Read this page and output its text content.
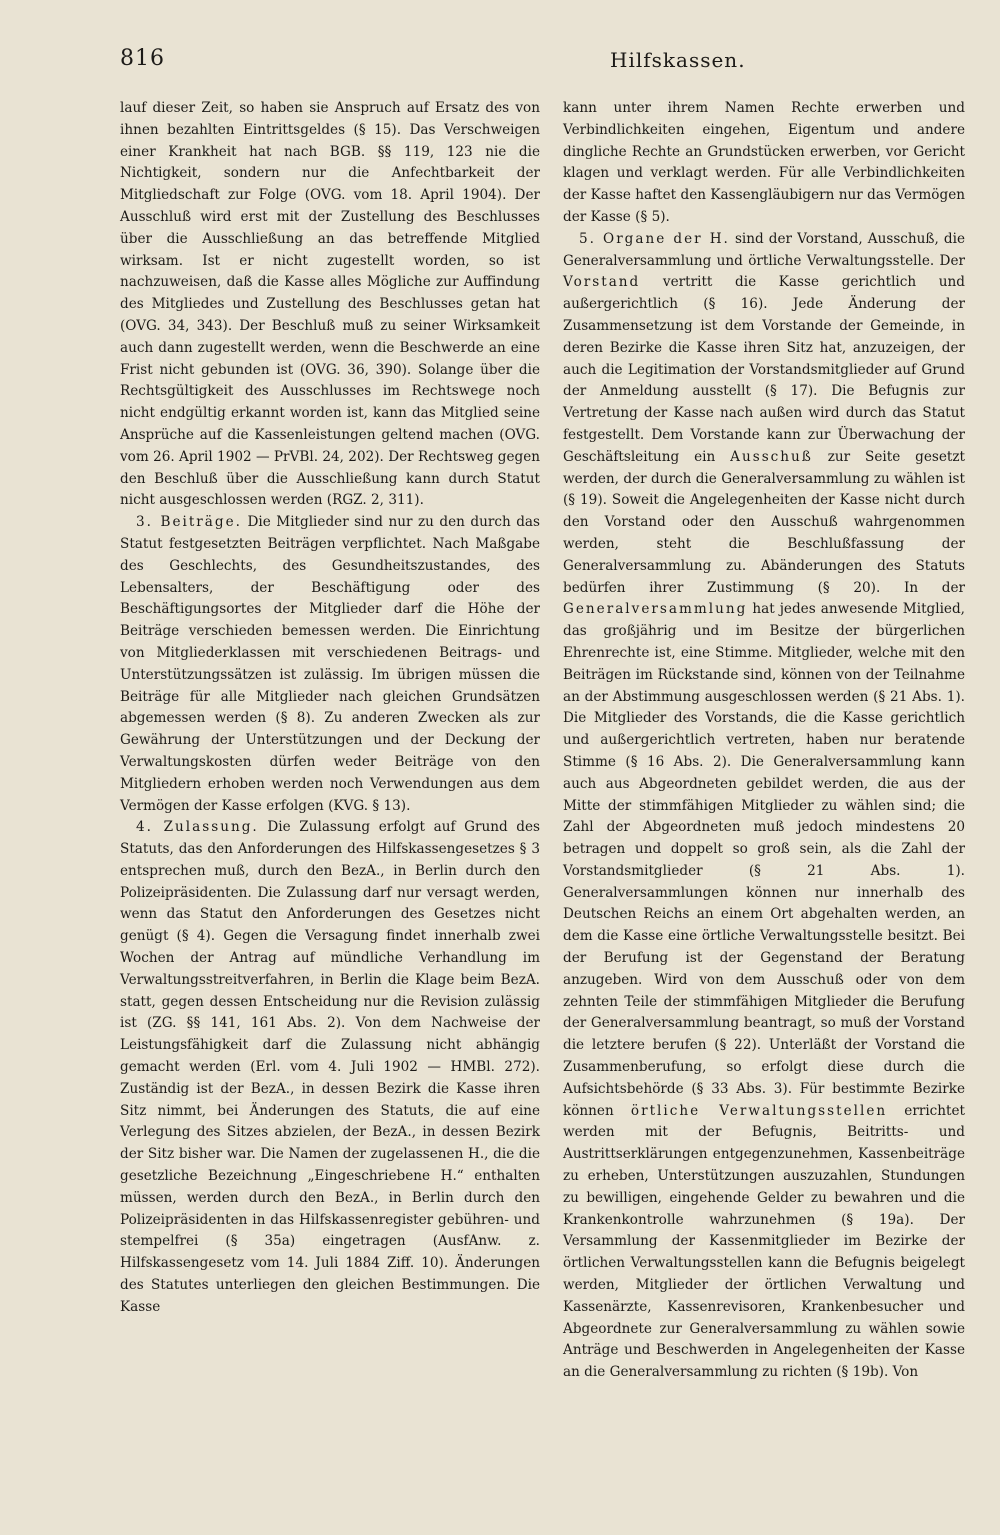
816	Hilfskassen.

lauf dieser Zeit, so haben sie Anspruch auf Ersatz des von ihnen bezahlten Eintrittsgeldes (§ 15). Das Verschweigen einer Krankheit hat nach BGB. §§ 119, 123 nie die Nichtigkeit, sondern nur die Anfechtbarkeit der Mitgliedschaft zur Folge (OVG. vom 18. April 1904). Der Ausschluß wird erst mit der Zustellung des Beschlusses über die Ausschließung an das betreffende Mitglied wirksam. Ist er nicht zugestellt worden, so ist nachzuweisen, daß die Kasse alles Mögliche zur Auffindung des Mitgliedes und Zustellung des Beschlusses getan hat (OVG. 34, 343). Der Beschluß muß zu seiner Wirksamkeit auch dann zugestellt werden, wenn die Beschwerde an eine Frist nicht gebunden ist (OVG. 36, 390). Solange über die Rechtsgültigkeit des Ausschlusses im Rechtswege noch nicht endgültig erkannt worden ist, kann das Mitglied seine Ansprüche auf die Kassenleistungen geltend machen (OVG. vom 26. April 1902 — PrVBl. 24, 202). Der Rechtsweg gegen den Beschluß über die Ausschließung kann durch Statut nicht ausgeschlossen werden (RGZ. 2, 311).

3. Beiträge. Die Mitglieder sind nur zu den durch das Statut festgesetzten Beiträgen verpflichtet. Nach Maßgabe des Geschlechts, des Gesundheitszustandes, des Lebensalters, der Beschäftigung oder des Beschäftigungsortes der Mitglieder darf die Höhe der Beiträge verschieden bemessen werden. Die Einrichtung von Mitgliederklassen mit verschiedenen Beitrags- und Unterstützungssätzen ist zulässig. Im übrigen müssen die Beiträge für alle Mitglieder nach gleichen Grundsätzen abgemessen werden (§ 8). Zu anderen Zwecken als zur Gewährung der Unterstützungen und der Deckung der Verwaltungskosten dürfen weder Beiträge von den Mitgliedern erhoben werden noch Verwendungen aus dem Vermögen der Kasse erfolgen (KVG. § 13).

4. Zulassung. Die Zulassung erfolgt auf Grund des Statuts, das den Anforderungen des Hilfskassengesetzes § 3 entsprechen muß, durch den BezA., in Berlin durch den Polizeipräsidenten. Die Zulassung darf nur versagt werden, wenn das Statut den Anforderungen des Gesetzes nicht genügt (§ 4). Gegen die Versagung findet innerhalb zwei Wochen der Antrag auf mündliche Verhandlung im Verwaltungsstreitverfahren, in Berlin die Klage beim BezA. statt, gegen dessen Entscheidung nur die Revision zulässig ist (ZG. §§ 141, 161 Abs. 2). Von dem Nachweise der Leistungsfähigkeit darf die Zulassung nicht abhängig gemacht werden (Erl. vom 4. Juli 1902 — HMBl. 272). Zuständig ist der BezA., in dessen Bezirk die Kasse ihren Sitz nimmt, bei Änderungen des Statuts, die auf eine Verlegung des Sitzes abzielen, der BezA., in dessen Bezirk der Sitz bisher war. Die Namen der zugelassenen H., die die gesetzliche Bezeichnung „Eingeschriebene H.“ enthalten müssen, werden durch den BezA., in Berlin durch den Polizeipräsidenten in das Hilfskassenregister gebühren- und stempelfrei (§ 35a) eingetragen (AusfAnw. z. Hilfskassengesetz vom 14. Juli 1884 Ziff. 10). Änderungen des Statutes unterliegen den gleichen Bestimmungen. Die Kasse

kann unter ihrem Namen Rechte erwerben und Verbindlichkeiten eingehen, Eigentum und andere dingliche Rechte an Grundstücken erwerben, vor Gericht klagen und verklagt werden. Für alle Verbindlichkeiten der Kasse haftet den Kassengläubigern nur das Vermögen der Kasse (§ 5).

5. Organe der H. sind der Vorstand, Ausschuß, die Generalversammlung und örtliche Verwaltungsstelle. Der Vorstand vertritt die Kasse gerichtlich und außergerichtlich (§ 16). Jede Änderung der Zusammensetzung ist dem Vorstande der Gemeinde, in deren Bezirke die Kasse ihren Sitz hat, anzuzeigen, der auch die Legitimation der Vorstandsmitglieder auf Grund der Anmeldung ausstellt (§ 17). Die Befugnis zur Vertretung der Kasse nach außen wird durch das Statut festgestellt. Dem Vorstande kann zur Überwachung der Geschäftsleitung ein Ausschuß zur Seite gesetzt werden, der durch die Generalversammlung zu wählen ist (§ 19). Soweit die Angelegenheiten der Kasse nicht durch den Vorstand oder den Ausschuß wahrgenommen werden, steht die Beschlußfassung der Generalversammlung zu. Abänderungen des Statuts bedürfen ihrer Zustimmung (§ 20). In der Generalversammlung hat jedes anwesende Mitglied, das großjährig und im Besitze der bürgerlichen Ehrenrechte ist, eine Stimme. Mitglieder, welche mit den Beiträgen im Rückstande sind, können von der Teilnahme an der Abstimmung ausgeschlossen werden (§ 21 Abs. 1). Die Mitglieder des Vorstands, die die Kasse gerichtlich und außergerichtlich vertreten, haben nur beratende Stimme (§ 16 Abs. 2). Die Generalversammlung kann auch aus Abgeordneten gebildet werden, die aus der Mitte der stimmfähigen Mitglieder zu wählen sind; die Zahl der Abgeordneten muß jedoch mindestens 20 betragen und doppelt so groß sein, als die Zahl der Vorstandsmitglieder (§ 21 Abs. 1). Generalversammlungen können nur innerhalb des Deutschen Reichs an einem Ort abgehalten werden, an dem die Kasse eine örtliche Verwaltungsstelle besitzt. Bei der Berufung ist der Gegenstand der Beratung anzugeben. Wird von dem Ausschuß oder von dem zehnten Teile der stimmfähigen Mitglieder die Berufung der Generalversammlung beantragt, so muß der Vorstand die letztere berufen (§ 22). Unterläßt der Vorstand die Zusammenberufung, so erfolgt diese durch die Aufsichtsbehörde (§ 33 Abs. 3). Für bestimmte Bezirke können örtliche Verwaltungsstellen errichtet werden mit der Befugnis, Beitritts- und Austrittserklärungen entgegenzunehmen, Kassenbeiträge zu erheben, Unterstützungen auszuzahlen, Stundungen zu bewilligen, eingehende Gelder zu bewahren und die Krankenkontrolle wahrzunehmen (§ 19a). Der Versammlung der Kassenmitglieder im Bezirke der örtlichen Verwaltungsstellen kann die Befugnis beigelegt werden, Mitglieder der örtlichen Verwaltung und Kassenärzte, Kassenrevisoren, Krankenbesucher und Abgeordnete zur Generalversammlung zu wählen sowie Anträge und Beschwerden in Angelegenheiten der Kasse an die Generalversammlung zu richten (§ 19b). Von
